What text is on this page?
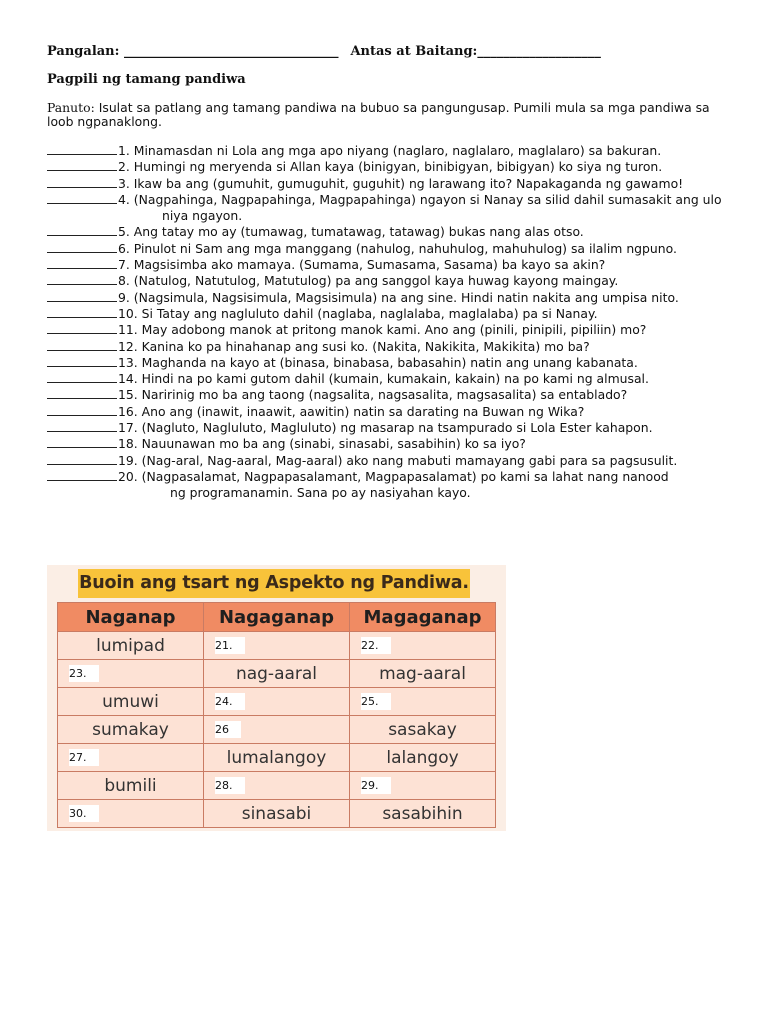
Pangalan: _________________________________ Antas at Baitang:___________________
Pagpili ng tamang pandiwa
Panuto: Isulat sa patlang ang tamang pandiwa na bubuo sa pangungusap. Pumili mula sa mga pandiwa sa loob ngpanaklong.
1. Minamasdan ni Lola ang mga apo niyang (naglaro, naglalaro, maglalaro) sa bakuran.
2. Humingi ng meryenda si Allan kaya (binigyan, binibigyan, bibigyan) ko siya ng turon.
3. Ikaw ba ang (gumuhit, gumuguhit, guguhit) ng larawang ito? Napakaganda ng gawamo!
4. (Nagpahinga, Nagpapahinga, Magpapahinga) ngayon si Nanay sa silid dahil sumasakit ang ulo
niya ngayon.
5. Ang tatay mo ay (tumawag, tumatawag, tatawag) bukas nang alas otso.
6. Pinulot ni Sam ang mga manggang (nahulog, nahuhulog, mahuhulog) sa ilalim ngpuno.
7. Magsisimba ako mamaya. (Sumama, Sumasama, Sasama) ba kayo sa akin?
8. (Natulog, Natutulog, Matutulog) pa ang sanggol kaya huwag kayong maingay.
9. (Nagsimula, Nagsisimula, Magsisimula) na ang sine. Hindi natin nakita ang umpisa nito.
10. Si Tatay ang nagluluto dahil (naglaba, naglalaba, maglalaba) pa si Nanay.
11. May adobong manok at pritong manok kami. Ano ang (pinili, pinipili, pipiliin) mo?
12. Kanina ko pa hinahanap ang susi ko. (Nakita, Nakikita, Makikita) mo ba?
13. Maghanda na kayo at (binasa, binabasa, babasahin) natin ang unang kabanata.
14. Hindi na po kami gutom dahil (kumain, kumakain, kakain) na po kami ng almusal.
15. Naririnig mo ba ang taong (nagsalita, nagsasalita, magsasalita) sa entablado?
16. Ano ang (inawit, inaawit, aawitin) natin sa darating na Buwan ng Wika?
17. (Nagluto, Nagluluto, Magluluto) ng masarap na tsampurado si Lola Ester kahapon.
18. Nauunawan mo ba ang (sinabi, sinasabi, sasabihin) ko sa iyo?
19. (Nag-aral, Nag-aaral, Mag-aaral) ako nang mabuti mamayang gabi para sa pagsusulit.
20. (Nagpasalamat, Nagpapasalamant, Magpapasalamat) po kami sa lahat nang nanood
ng programanamin. Sana po ay nasiyahan kayo.
Buoin ang tsart ng Aspekto ng Pandiwa.
Naganap	Nagaganap	Magaganap
lumipad	21.	22.
23.	nag-aaral	mag-aaral
umuwi	24.	25.
sumakay	26	sasakay
27.	lumalangoy	lalangoy
bumili	28.	29.
30.	sinasabi	sasabihin
